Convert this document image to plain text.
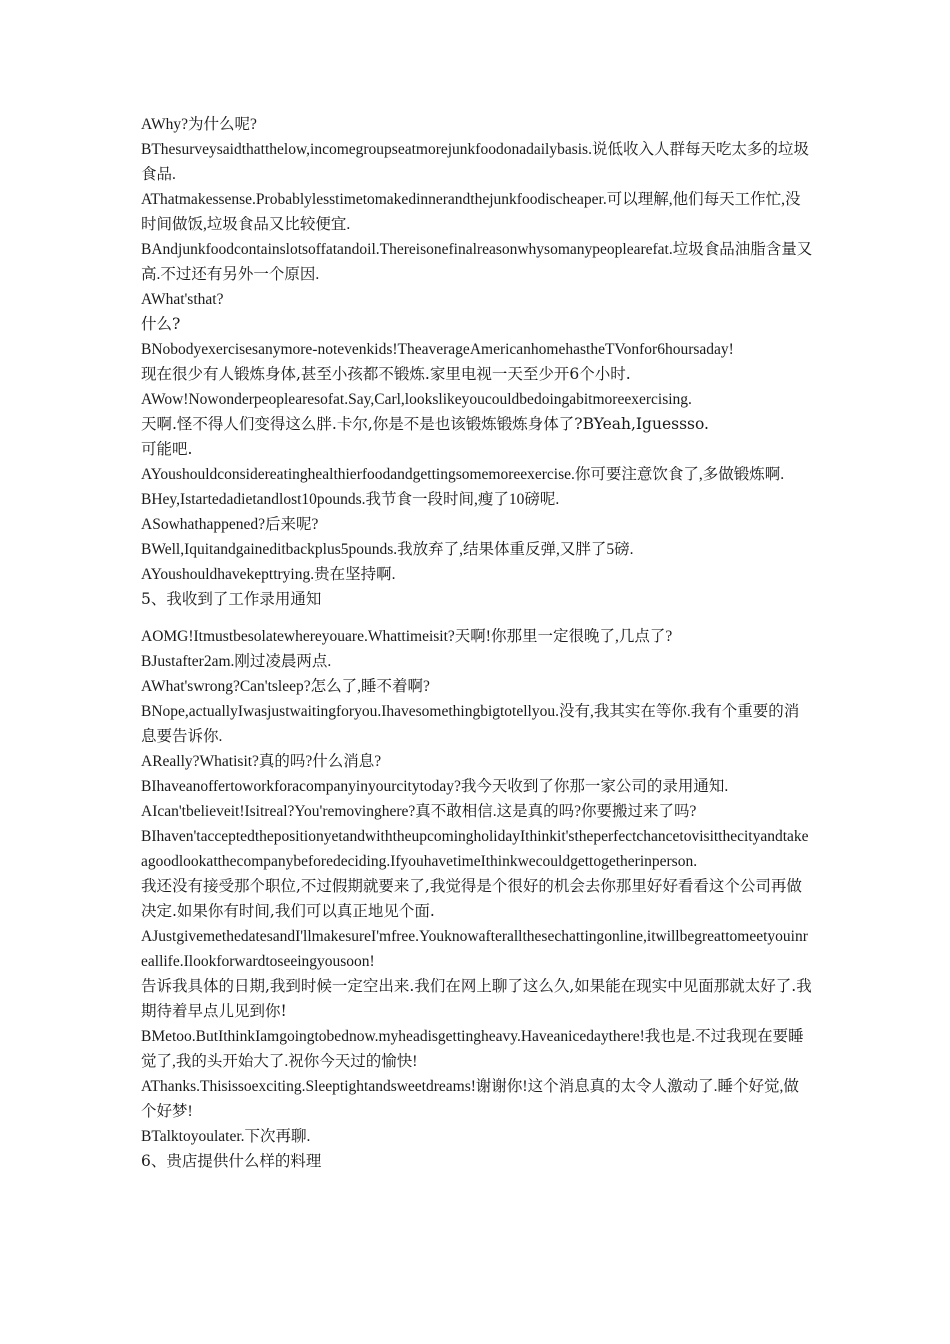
AWhy?为什么呢?

BThesurveysaidthatthelow,incomegroupseatmorejunkfoodonadailybasis.说低收入人群每天吃太多的垃圾食品.

AThatmakessense.Probablylesstimetomakedinnerandthejunkfoodischeaper.可以理解,他们每天工作忙,没时间做饭,垃圾食品又比较便宜.

BAndjunkfoodcontainslotsoffatandoil.Thereisonefinalreasonwhysomanypeoplearefat.垃圾食品油脂含量又高.不过还有另外一个原因.

AWhat'sthat?

什么?

BNobodyexercisesanymore-notevenkids!TheaverageAmericanhomehastheTVonfor6hoursaday!

现在很少有人锻炼身体,甚至小孩都不锻炼.家里电视一天至少开6个小时.

AWow!Nowonderpeoplearesofat.Say,Carl,lookslikeyoucouldbedoingabitmoreexercising.

天啊.怪不得人们变得这么胖.卡尔,你是不是也该锻炼锻炼身体了?BYeah,Iguessso.

可能吧.

AYoushouldconsidereatinghealthierfoodandgettingsomemoreexercise.你可要注意饮食了,多做锻炼啊.

BHey,Istartedadietandlost10pounds.我节食一段时间,瘦了10磅呢.

ASowhathappened?后来呢?

BWell,Iquitandgaineditbackplus5pounds.我放弃了,结果体重反弹,又胖了5磅.

AYoushouldhavekepttrying.贵在坚持啊.

5、我收到了工作录用通知

AOMG!Itmustbesolatewhereyouare.Whattimeisit?天啊!你那里一定很晚了,几点了?

BJustafter2am.刚过凌晨两点.

AWhat'swrong?Can'tsleep?怎么了,睡不着啊?

BNope,actuallyIwasjustwaitingforyou.Ihavesomethingbigtotellyou.没有,我其实在等你.我有个重要的消息要告诉你.

AReally?Whatisit?真的吗?什么消息?

BIhaveanoffertoworkforacompanyinyourcitytoday?我今天收到了你那一家公司的录用通知.

AIcan'tbelieveit!Isitreal?You'removinghere?真不敢相信.这是真的吗?你要搬过来了吗?

BIhaven'tacceptedthepositionyetandwiththeupcomingholidayIthinkit'stheperfectchancetovisitthecityandtakeagoodlookatthecompanybeforedeciding.IfyouhavetimeIthinkwecouldgettogetherinperson.

我还没有接受那个职位,不过假期就要来了,我觉得是个很好的机会去你那里好好看看这个公司再做决定.如果你有时间,我们可以真正地见个面.

AJustgivemethedatesandI'llmakesureI'mfree.Youknowafterallthesechattingonline,itwillbegreattomeetyouinreallife.Ilookforwardtoseeingyousoon!

告诉我具体的日期,我到时候一定空出来.我们在网上聊了这么久,如果能在现实中见面那就太好了.我期待着早点儿见到你!

BMetoo.ButIthinkIamgoingtobednow.myheadisgettingheavy.Haveanicedaythere!我也是.不过我现在要睡觉了,我的头开始大了.祝你今天过的愉快!

AThanks.Thisissoexciting.Sleeptightandsweetdreams!谢谢你!这个消息真的太令人激动了.睡个好觉,做个好梦!

BTalktoyoulater.下次再聊.

6、贵店提供什么样的料理
